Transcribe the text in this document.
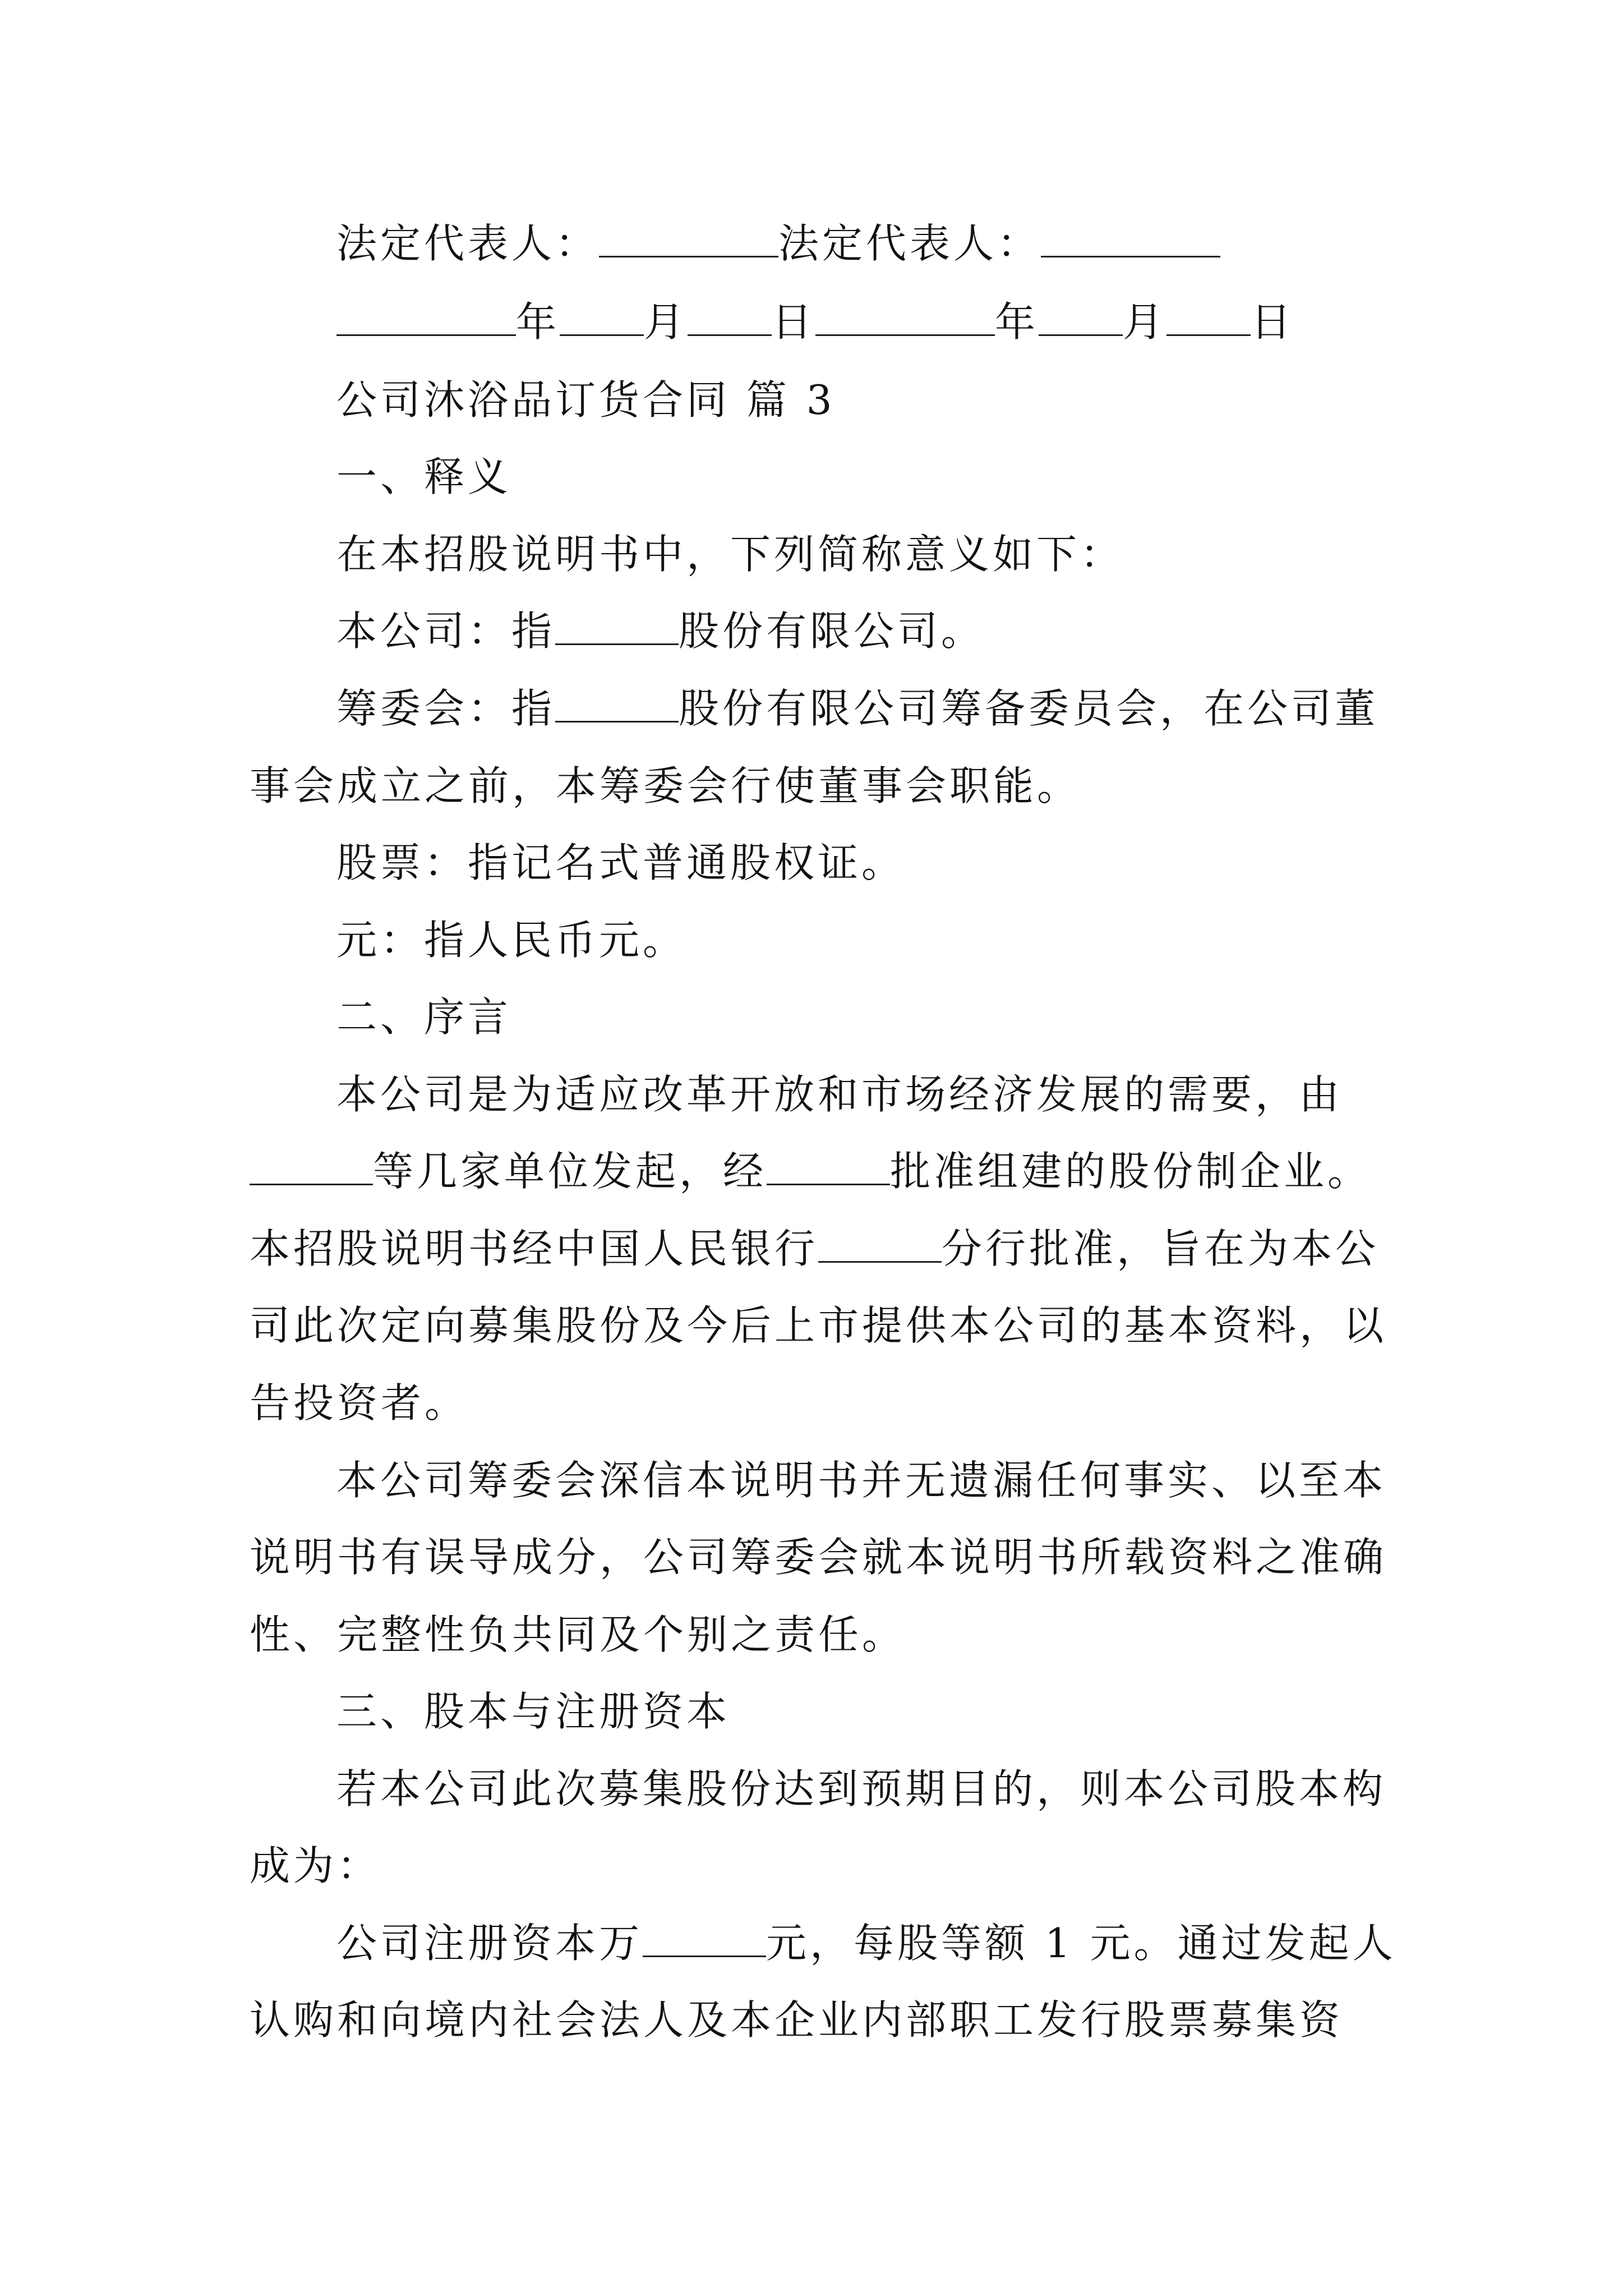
法定代表人：	法定代表人：
年 月 日	年 月 日
公司沐浴品订货合同 篇 3
一、释义
在本招股说明书中，下列简称意义如下：
本公司：指	股份有限公司。
筹委会：指	股份有限公司筹备委员会，在公司董
事会成立之前，本筹委会行使董事会职能。
股票：指记名式普通股权证。
元：指人民币元。
二、序言
本公司是为适应改革开放和市场经济发展的需要，由
等几家单位发起，经	批准组建的股份制企业。
本招股说明书经中国人民银行	分行批准，旨在为本公
司此次定向募集股份及今后上市提供本公司的基本资料，以
告投资者。
本公司筹委会深信本说明书并无遗漏任何事实、以至本
说明书有误导成分，公司筹委会就本说明书所载资料之准确
性、完整性负共同及个别之责任。
三、股本与注册资本
若本公司此次募集股份达到预期目的，则本公司股本构
成为：
公司注册资本万	元，每股等额 1 元。通过发起人
认购和向境内社会法人及本企业内部职工发行股票募集资
